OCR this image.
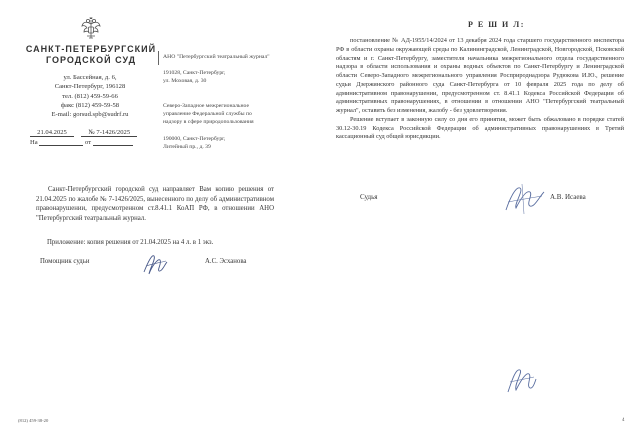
САНКТ-ПЕТЕРБУРГСКИЙ
ГОРОДСКОЙ СУД
ул. Бассейная, д. 6,
Санкт-Петербург, 196128
тел. (812) 459-59-66
факс (812) 459-59-58
E-mail: gorsud.spb@sudrf.ru
21.04.2025	№ 7-1426/2025
На	от
АНО "Петербургский театральный журнал"
191028, Санкт-Петербург,
ул. Моховая, д. 30
Северо-Западное межрегиональное
управление Федеральной службы по
надзору в сфере природопользования
190000, Санкт-Петербург,
Литейный пр., д. 39
Санкт-Петербургский городской суд направляет Вам копию решения от 21.04.2025 по жалобе № 7-1426/2025, вынесенного по делу об административном правонарушении, предусмотренном ст.8.41.1 КоАП РФ, в отношении АНО "Петербургский театральный журнал.
Приложение: копия решения от 21.04.2025 на 4 л. в 1 экз.
Помощник судьи	А.С. Эсханова
(812) 459-38-20
Р Е Ш И Л:

постановление № АД-1955/14/2024 от 13 декабря 2024 года старшего государственного инспектора РФ в области охраны окружающей среды по Калининградской, Ленинградской, Новгородской, Псковской областям и г. Санкт-Петербургу, заместителя начальника межрегионального отдела государственного надзора в области использования и охраны водных объектов по Санкт-Петербургу и Ленинградской области Северо-Западного межрегионального управления Росприроднадзора Рудюкова И.Ю., решение судьи Дзержинского районного суда Санкт-Петербурга от 10 февраля 2025 года по делу об административном правонарушении, предусмотренном ст. 8.41.1 Кодекса Российской Федерации об административных правонарушениях, в отношении в отношении АНО "Петербургский театральный журнал", оставить без изменения, жалобу - без удовлетворения.

Решение вступает в законную силу со дня его принятия, может быть обжаловано в порядке статей 30.12-30.19 Кодекса Российской Федерации об административных правонарушениях в Третий кассационный суд общей юрисдикции.

Судья	А.В. Исаева
4
